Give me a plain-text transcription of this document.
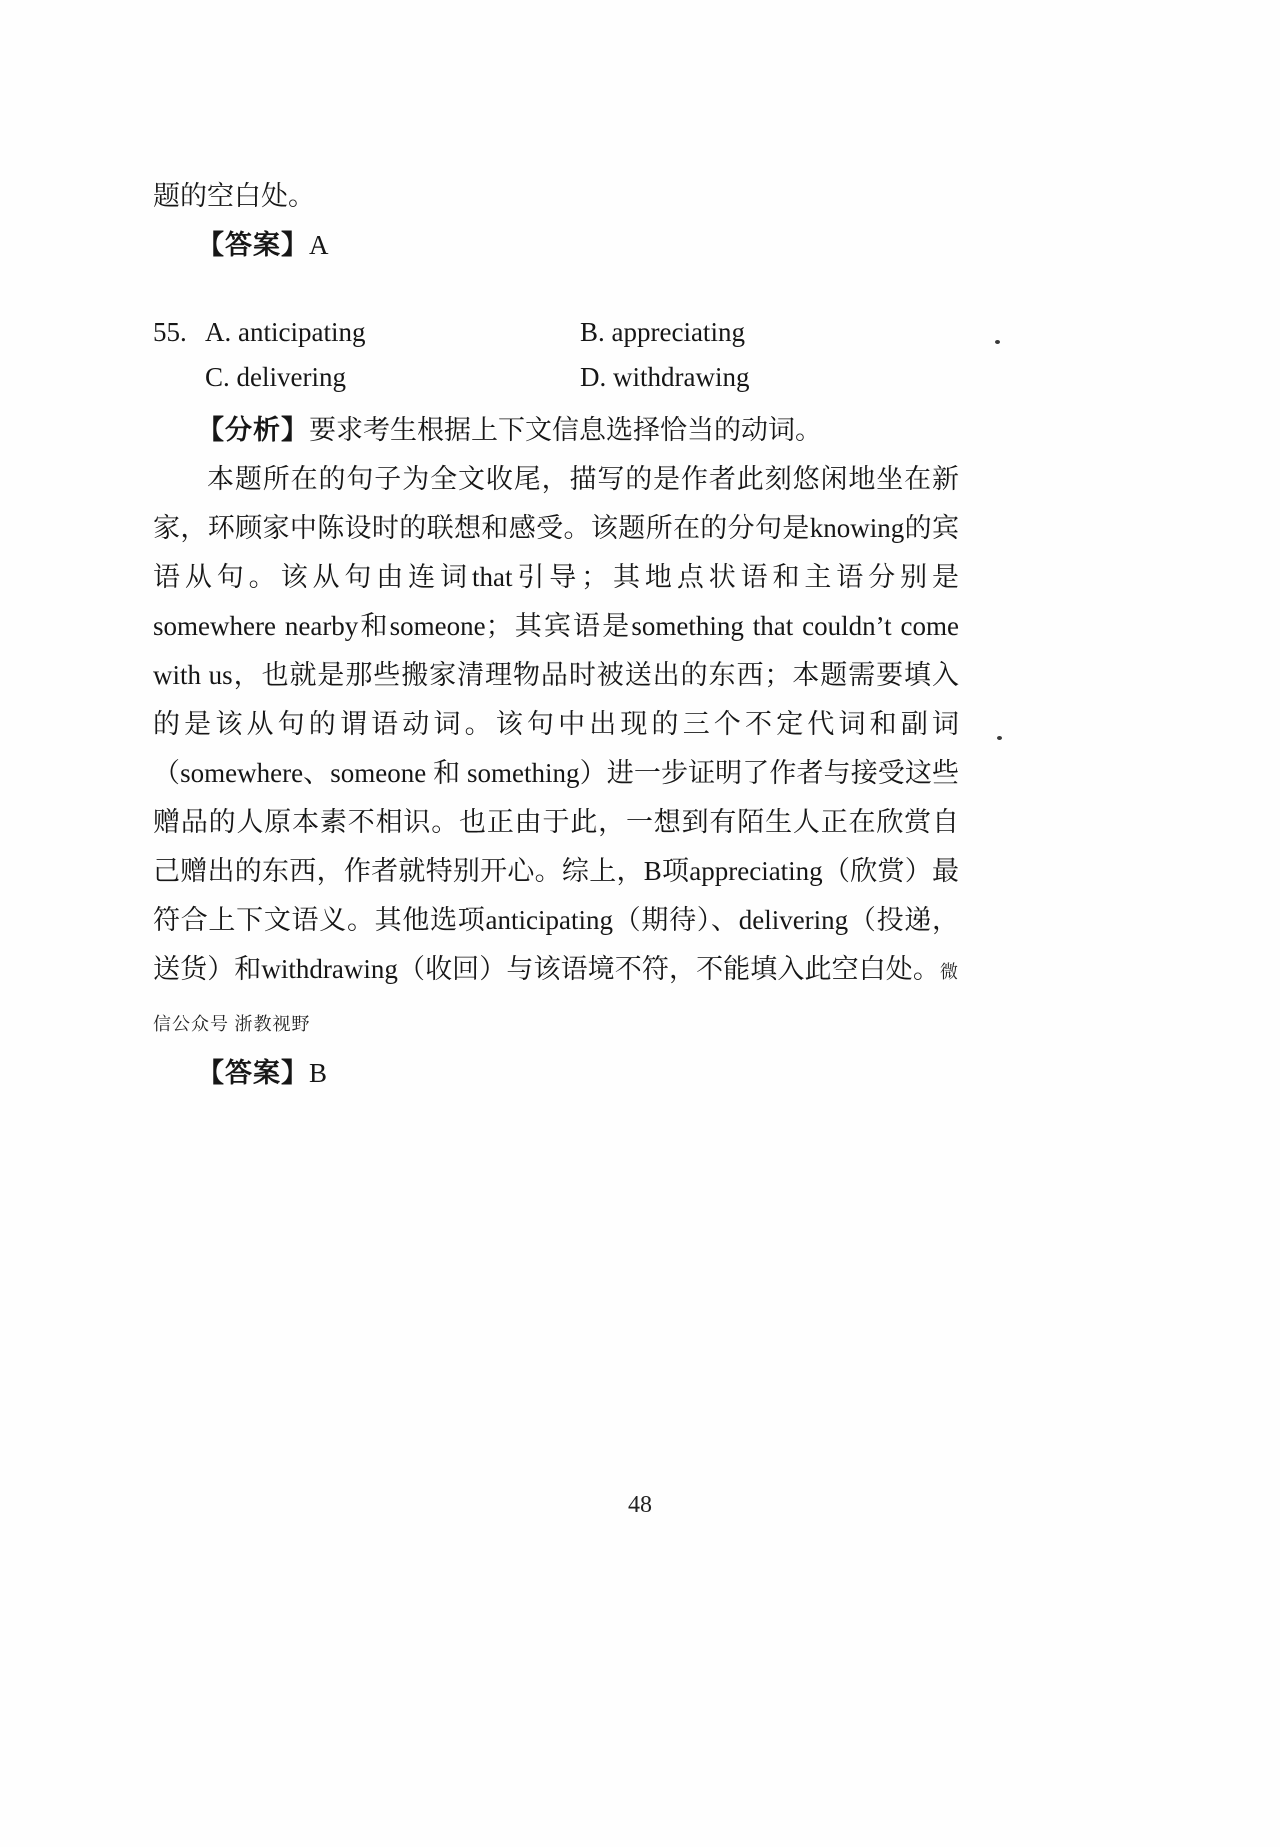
题的空白处。

【答案】A

55. A. anticipating	B. appreciating
C. delivering	D. withdrawing

【分析】要求考生根据上下文信息选择恰当的动词。

本题所在的句子为全文收尾，描写的是作者此刻悠闲地坐在新家，环顾家中陈设时的联想和感受。该题所在的分句是knowing的宾语从句。该从句由连词that引导；其地点状语和主语分别是somewhere nearby和someone；其宾语是something that couldn’t come with us，也就是那些搬家清理物品时被送出的东西；本题需要填入的是该从句的谓语动词。该句中出现的三个不定代词和副词（somewhere、someone 和 something）进一步证明了作者与接受这些赠品的人原本素不相识。也正由于此，一想到有陌生人正在欣赏自己赠出的东西，作者就特别开心。综上，B项appreciating（欣赏）最符合上下文语义。其他选项anticipating（期待）、delivering（投递，送货）和withdrawing（收回）与该语境不符，不能填入此空白处。微信公众号 浙教视野

【答案】B

48
